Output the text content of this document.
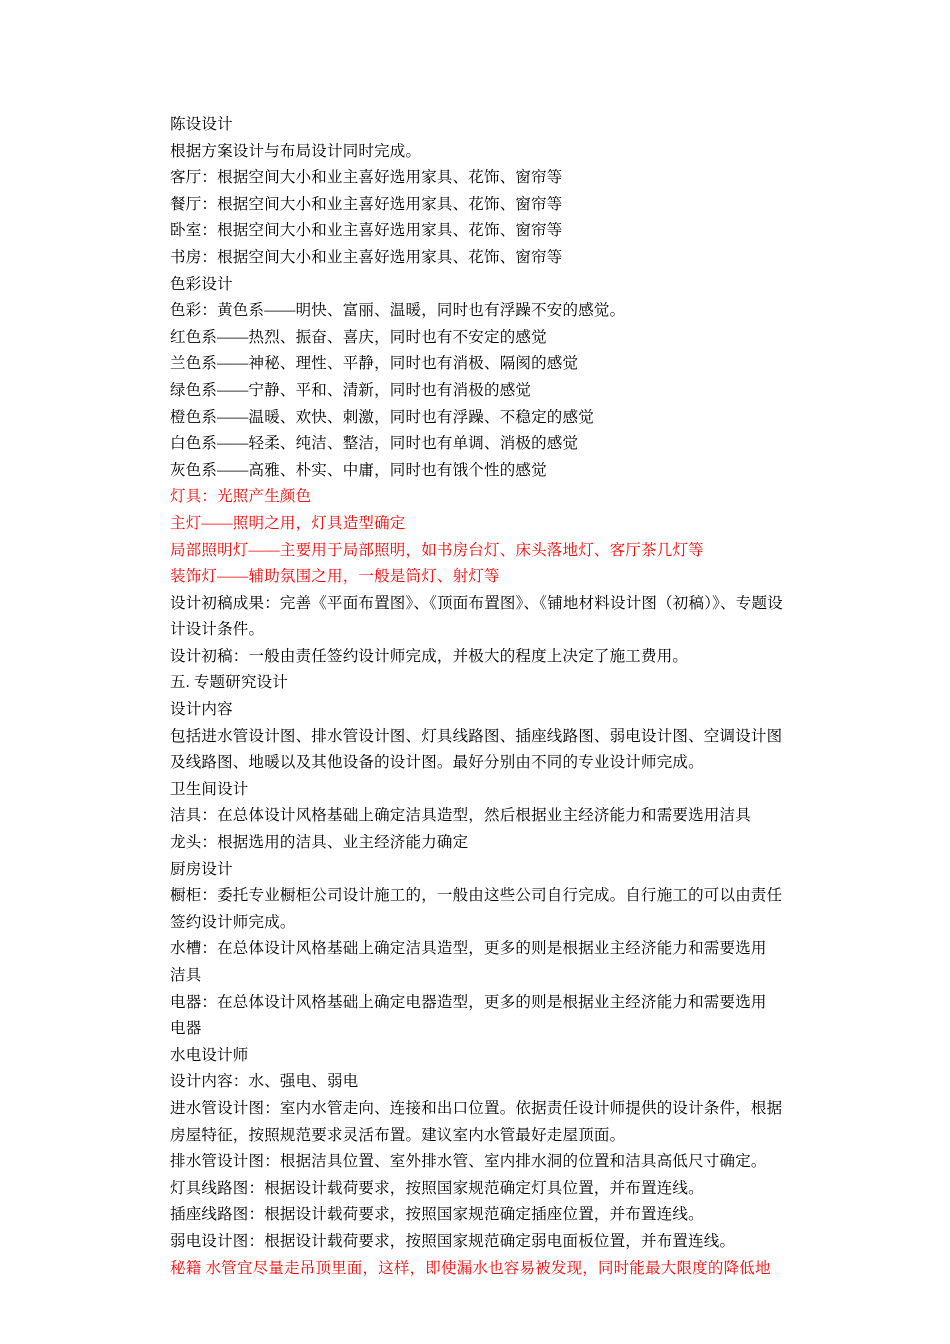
陈设设计

根据方案设计与布局设计同时完成。

客厅：根据空间大小和业主喜好选用家具、花饰、窗帘等

餐厅：根据空间大小和业主喜好选用家具、花饰、窗帘等

卧室：根据空间大小和业主喜好选用家具、花饰、窗帘等

书房：根据空间大小和业主喜好选用家具、花饰、窗帘等

色彩设计

色彩：黄色系——明快、富丽、温暖，同时也有浮躁不安的感觉。

红色系——热烈、振奋、喜庆，同时也有不安定的感觉

兰色系——神秘、理性、平静，同时也有消极、隔阂的感觉

绿色系——宁静、平和、清新，同时也有消极的感觉

橙色系——温暖、欢快、刺激，同时也有浮躁、不稳定的感觉

白色系——轻柔、纯洁、整洁，同时也有单调、消极的感觉

灰色系——高雅、朴实、中庸，同时也有饿个性的感觉

灯具：光照产生颜色

主灯——照明之用，灯具造型确定

局部照明灯——主要用于局部照明，如书房台灯、床头落地灯、客厅茶几灯等

装饰灯——辅助氛围之用，一般是筒灯、射灯等

设计初稿成果：完善《平面布置图》、《顶面布置图》、《铺地材料设计图（初稿）》、专题设

计设计条件。

设计初稿：一般由责任签约设计师完成，并极大的程度上决定了施工费用。

五. 专题研究设计

设计内容

包括进水管设计图、排水管设计图、灯具线路图、插座线路图、弱电设计图、空调设计图

及线路图、地暖以及其他设备的设计图。最好分别由不同的专业设计师完成。

卫生间设计

洁具：在总体设计风格基础上确定洁具造型，然后根据业主经济能力和需要选用洁具

龙头：根据选用的洁具、业主经济能力确定

厨房设计

橱柜：委托专业橱柜公司设计施工的，一般由这些公司自行完成。自行施工的可以由责任

签约设计师完成。

水槽：在总体设计风格基础上确定洁具造型，更多的则是根据业主经济能力和需要选用

洁具

电器：在总体设计风格基础上确定电器造型，更多的则是根据业主经济能力和需要选用

电器

水电设计师

设计内容：水、强电、弱电

进水管设计图：室内水管走向、连接和出口位置。依据责任设计师提供的设计条件，根据

房屋特征，按照规范要求灵活布置。建议室内水管最好走屋顶面。

排水管设计图：根据洁具位置、室外排水管、室内排水洞的位置和洁具高低尺寸确定。

灯具线路图：根据设计载荷要求，按照国家规范确定灯具位置，并布置连线。

插座线路图：根据设计载荷要求，按照国家规范确定插座位置，并布置连线。

弱电设计图：根据设计载荷要求，按照国家规范确定弱电面板位置，并布置连线。

秘籍 水管宜尽量走吊顶里面，这样，即使漏水也容易被发现，同时能最大限度的降低地
